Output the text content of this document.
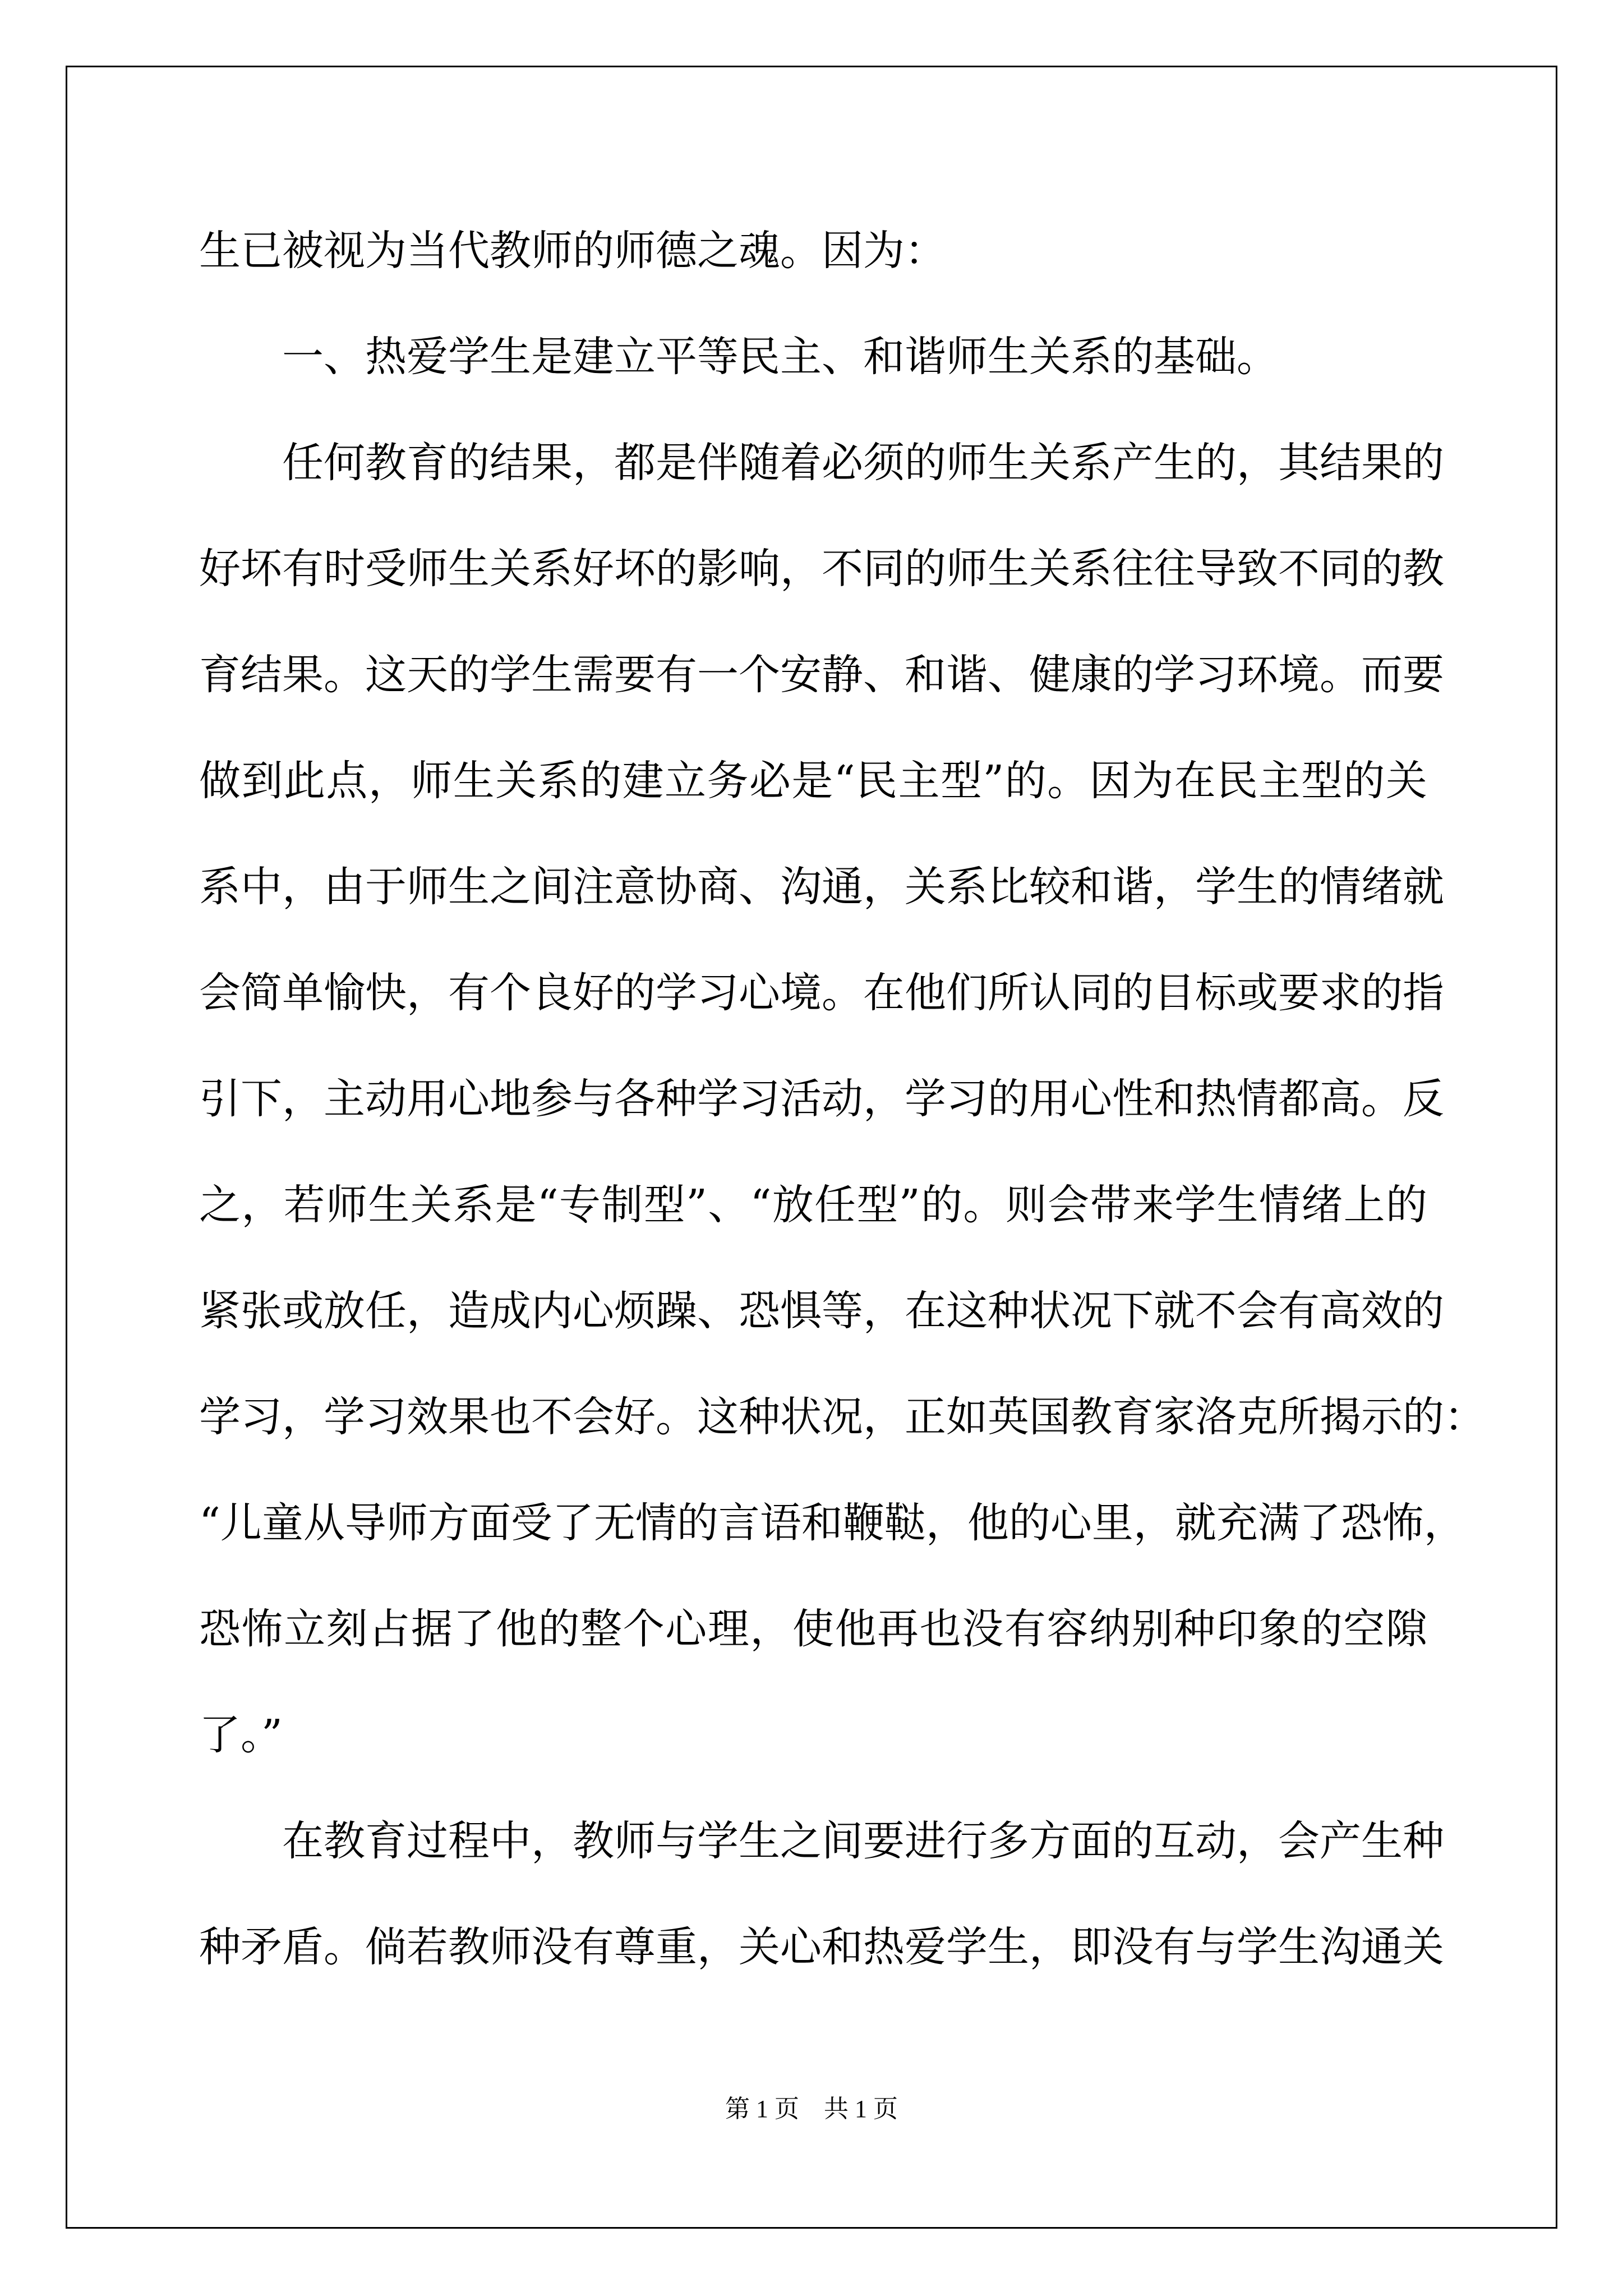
生已被视为当代教师的师德之魂。因为：
　　一、热爱学生是建立平等民主、和谐师生关系的基础。
　　任何教育的结果，都是伴随着必须的师生关系产生的，其结果的
好坏有时受师生关系好坏的影响，不同的师生关系往往导致不同的教
育结果。这天的学生需要有一个安静、和谐、健康的学习环境。而要
做到此点，师生关系的建立务必是“民主型”的。因为在民主型的关
系中，由于师生之间注意协商、沟通，关系比较和谐，学生的情绪就
会简单愉快，有个良好的学习心境。在他们所认同的目标或要求的指
引下，主动用心地参与各种学习活动，学习的用心性和热情都高。反
之，若师生关系是“专制型”、“放任型”的。则会带来学生情绪上的
紧张或放任，造成内心烦躁、恐惧等，在这种状况下就不会有高效的
学习，学习效果也不会好。这种状况，正如英国教育家洛克所揭示的：
“儿童从导师方面受了无情的言语和鞭鞑，他的心里，就充满了恐怖，
恐怖立刻占据了他的整个心理，使他再也没有容纳别种印象的空隙
了。”
　　在教育过程中，教师与学生之间要进行多方面的互动，会产生种
种矛盾。倘若教师没有尊重，关心和热爱学生，即没有与学生沟通关
第 1 页　共 1 页
